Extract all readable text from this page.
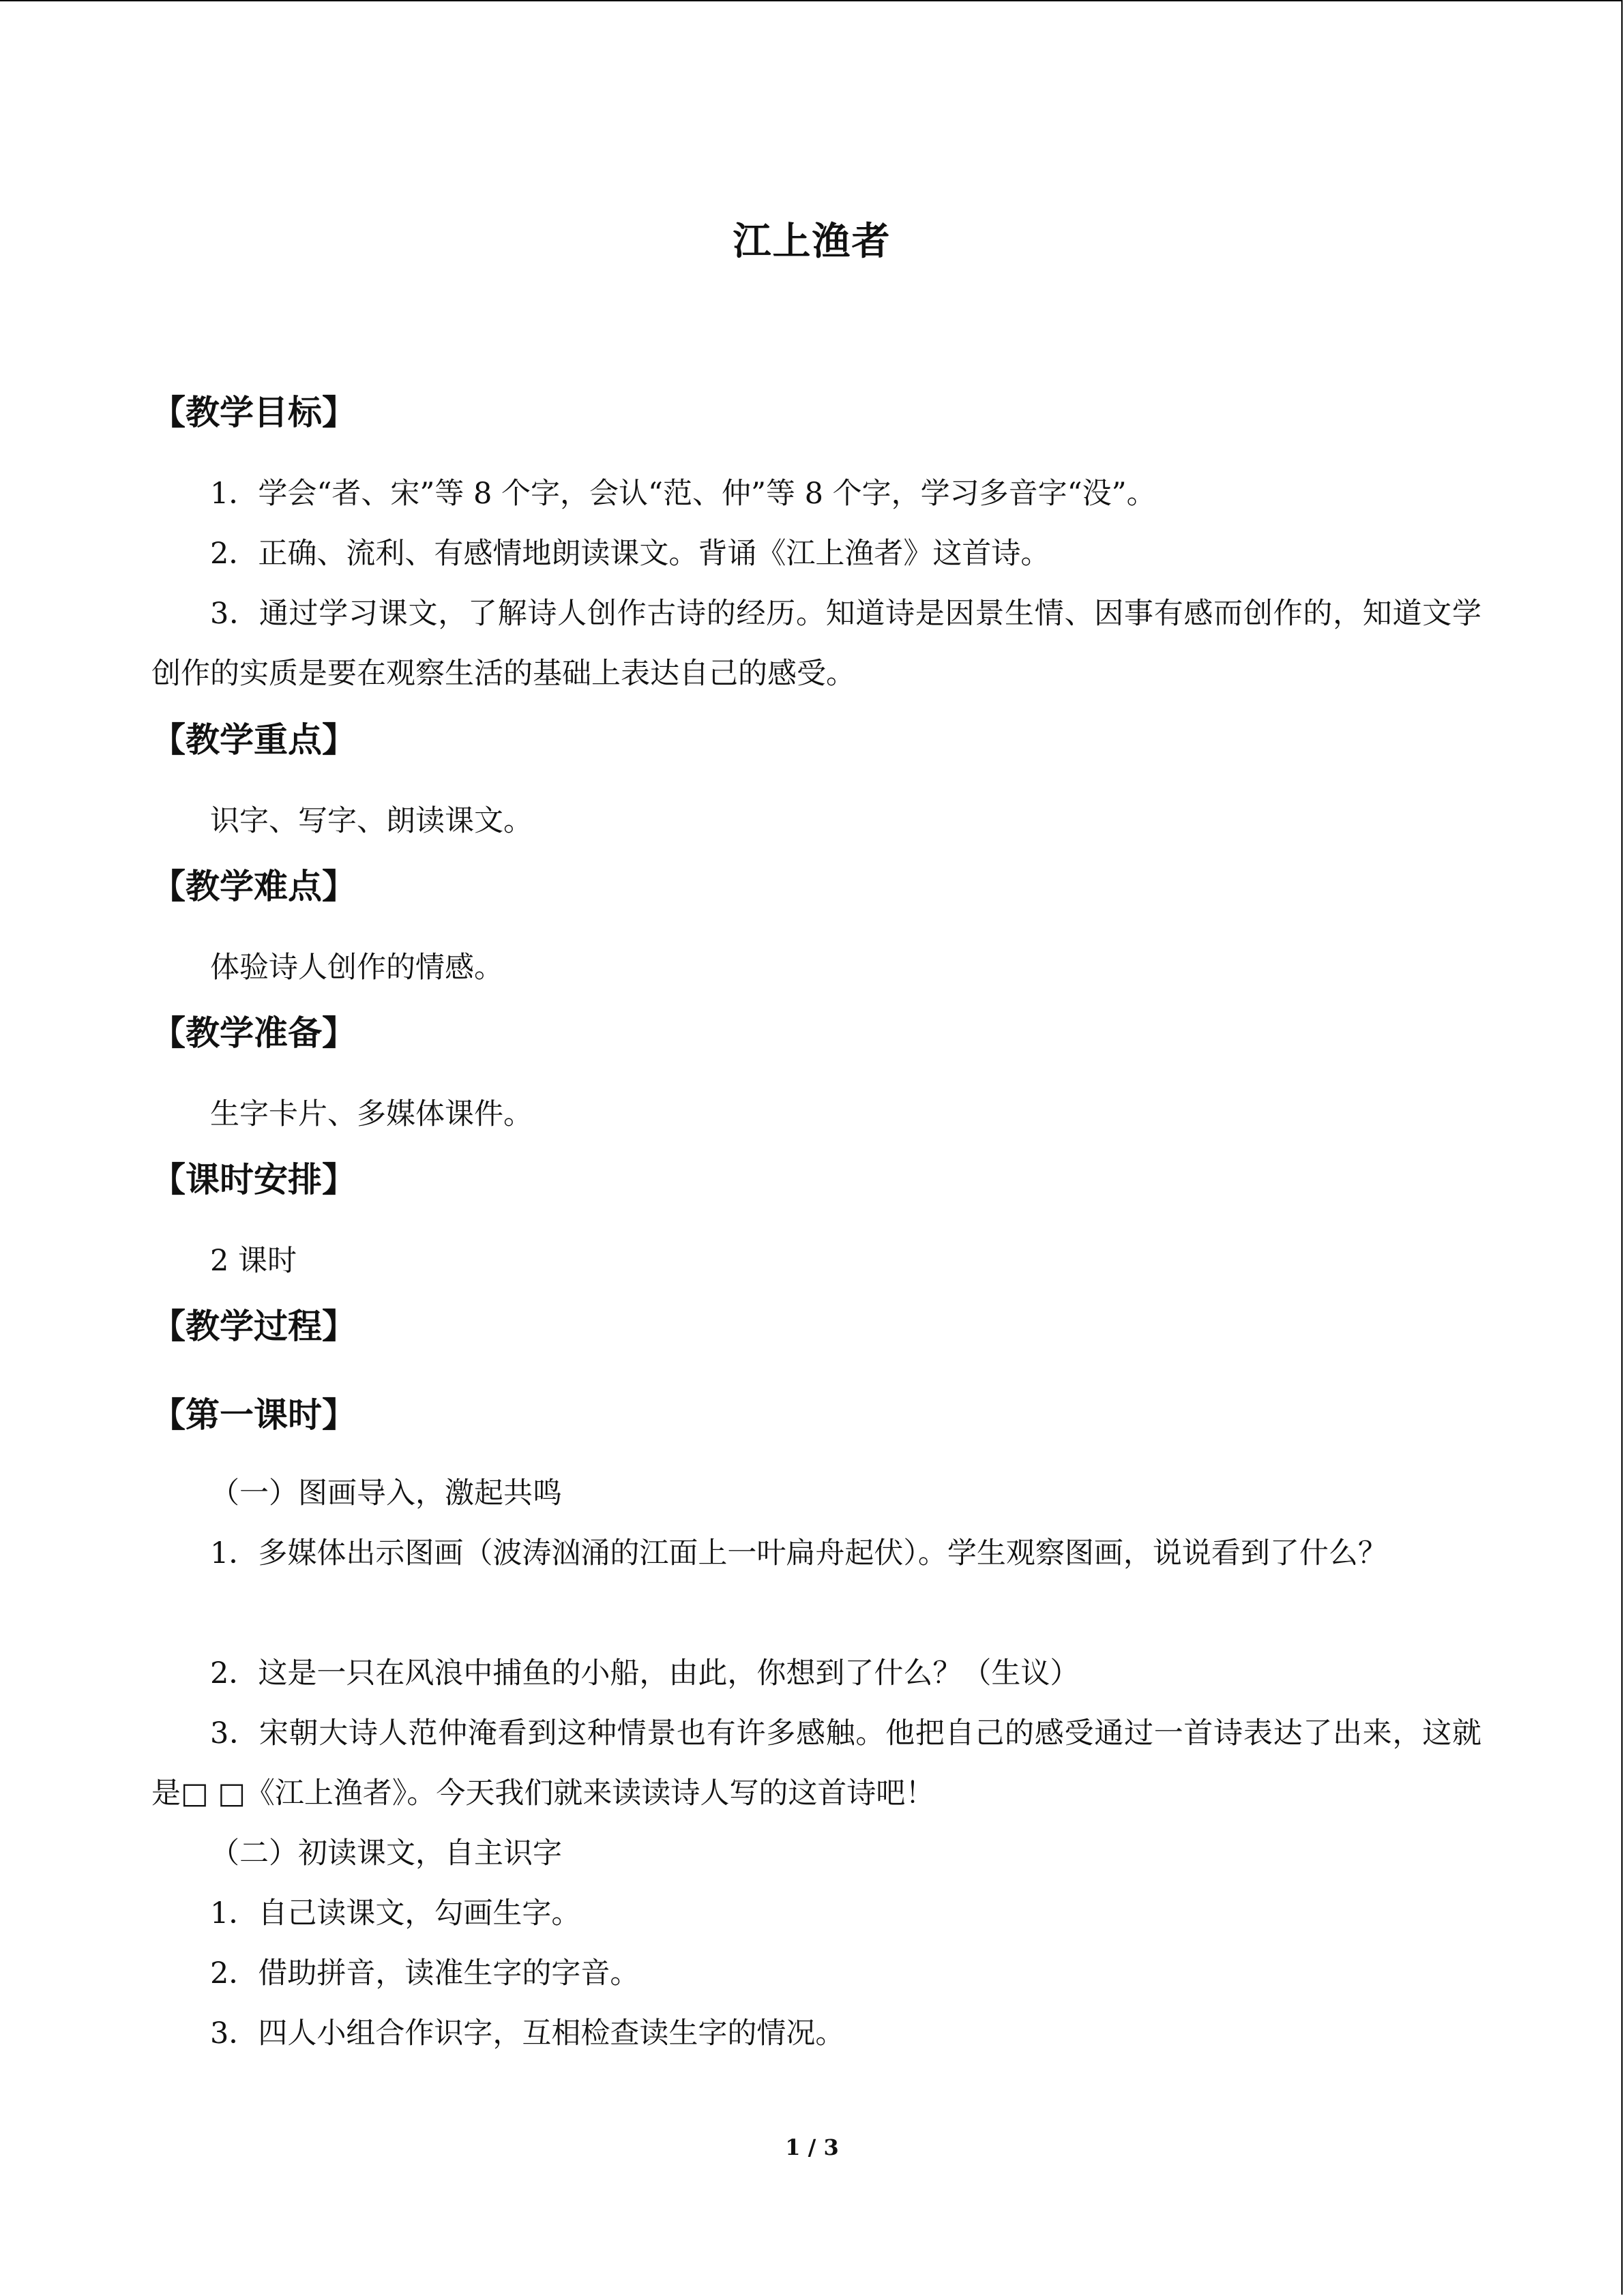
江上渔者
【教学目标】
1．学会“者、宋”等 8 个字，会认“范、仲”等 8 个字，学习多音字“没”。
2．正确、流利、有感情地朗读课文。背诵《江上渔者》这首诗。
3．通过学习课文，了解诗人创作古诗的经历。知道诗是因景生情、因事有感而创作的，知道文学创作的实质是要在观察生活的基础上表达自己的感受。
【教学重点】
识字、写字、朗读课文。
【教学难点】
体验诗人创作的情感。
【教学准备】
生字卡片、多媒体课件。
【课时安排】
2 课时
【教学过程】
【第一课时】
（一）图画导入，激起共鸣
1．多媒体出示图画（波涛汹涌的江面上一叶扁舟起伏）。学生观察图画，说说看到了什么？
2．这是一只在风浪中捕鱼的小船，由此，你想到了什么？（生议）
3．宋朝大诗人范仲淹看到这种情景也有许多感触。他把自己的感受通过一首诗表达了出来，这就是□ □《江上渔者》。今天我们就来读读诗人写的这首诗吧！
（二）初读课文，自主识字
1．自己读课文，勾画生字。
2．借助拼音，读准生字的字音。
3．四人小组合作识字，互相检查读生字的情况。
1 / 3
